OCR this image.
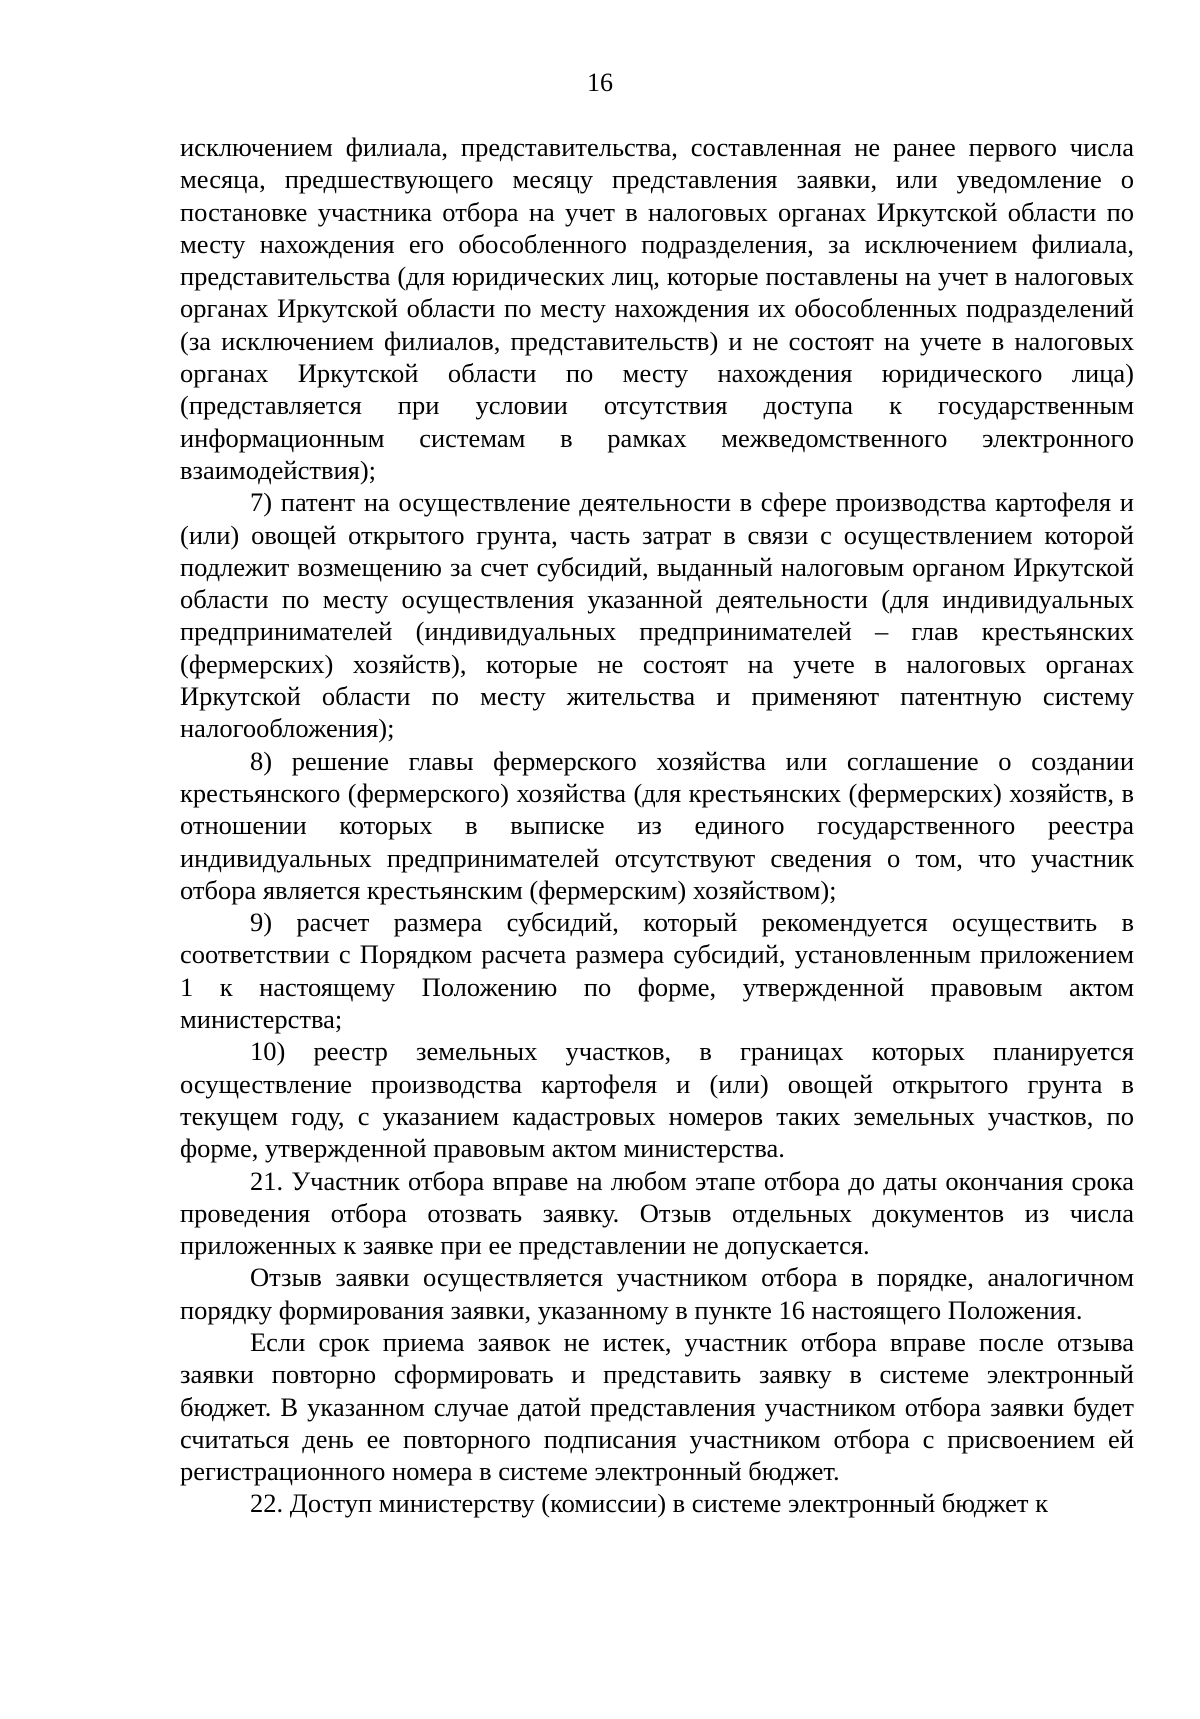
16

исключением филиала, представительства, составленная не ранее первого числа месяца, предшествующего месяцу представления заявки, или уведомление о постановке участника отбора на учет в налоговых органах Иркутской области по месту нахождения его обособленного подразделения, за исключением филиала, представительства (для юридических лиц, которые поставлены на учет в налоговых органах Иркутской области по месту нахождения их обособленных подразделений (за исключением филиалов, представительств) и не состоят на учете в налоговых органах Иркутской области по месту нахождения юридического лица) (представляется при условии отсутствия доступа к государственным информационным системам в рамках межведомственного электронного взаимодействия);

7) патент на осуществление деятельности в сфере производства картофеля и (или) овощей открытого грунта, часть затрат в связи с осуществлением которой подлежит возмещению за счет субсидий, выданный налоговым органом Иркутской области по месту осуществления указанной деятельности (для индивидуальных предпринимателей (индивидуальных предпринимателей – глав крестьянских (фермерских) хозяйств), которые не состоят на учете в налоговых органах Иркутской области по месту жительства и применяют патентную систему налогообложения);

8) решение главы фермерского хозяйства или соглашение о создании крестьянского (фермерского) хозяйства (для крестьянских (фермерских) хозяйств, в отношении которых в выписке из единого государственного реестра индивидуальных предпринимателей отсутствуют сведения о том, что участник отбора является крестьянским (фермерским) хозяйством);

9) расчет размера субсидий, который рекомендуется осуществить в соответствии с Порядком расчета размера субсидий, установленным приложением 1 к настоящему Положению по форме, утвержденной правовым актом министерства;

10) реестр земельных участков, в границах которых планируется осуществление производства картофеля и (или) овощей открытого грунта в текущем году, с указанием кадастровых номеров таких земельных участков, по форме, утвержденной правовым актом министерства.

21. Участник отбора вправе на любом этапе отбора до даты окончания срока проведения отбора отозвать заявку. Отзыв отдельных документов из числа приложенных к заявке при ее представлении не допускается.

Отзыв заявки осуществляется участником отбора в порядке, аналогичном порядку формирования заявки, указанному в пункте 16 настоящего Положения.

Если срок приема заявок не истек, участник отбора вправе после отзыва заявки повторно сформировать и представить заявку в системе электронный бюджет. В указанном случае датой представления участником отбора заявки будет считаться день ее повторного подписания участником отбора с присвоением ей регистрационного номера в системе электронный бюджет.

22. Доступ министерству (комиссии) в системе электронный бюджет к
